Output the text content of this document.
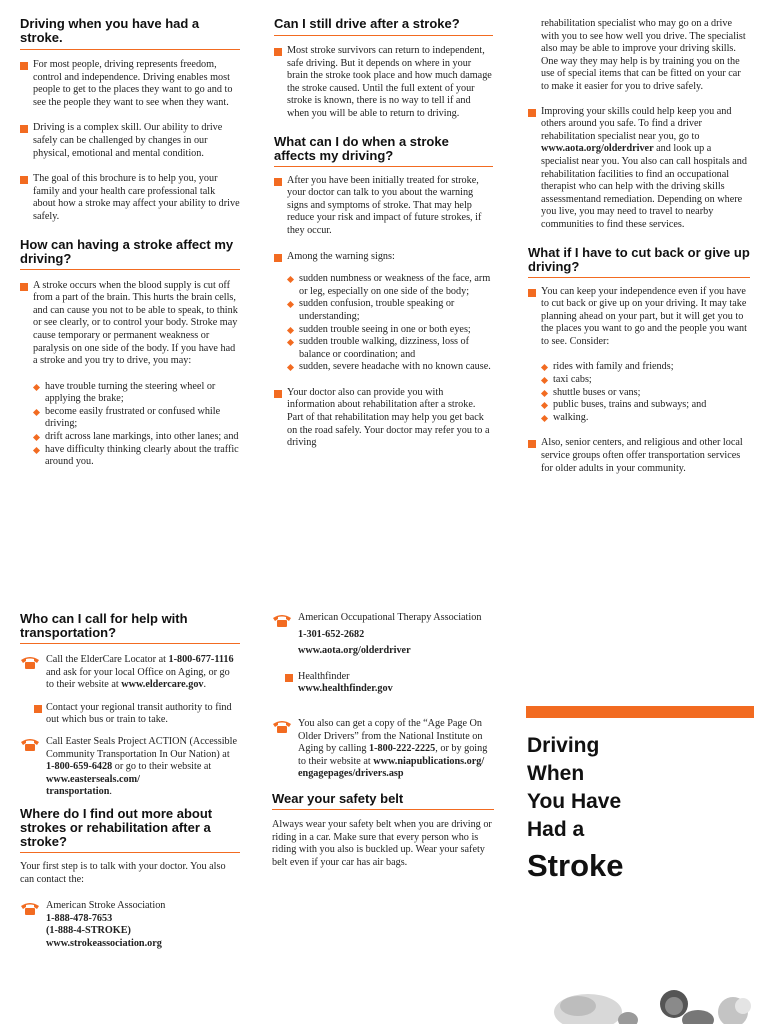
Driving when you have had a stroke.
For most people, driving represents freedom, control and independence. Driving enables most people to get to the places they want to go and to see the people they want to see when they want.
Driving is a complex skill. Our ability to drive safely can be challenged by changes in our physical, emotional and mental condition.
The goal of this brochure is to help you, your family and your health care professional talk about how a stroke may affect your ability to drive safely.
How can having a stroke affect my driving?
A stroke occurs when the blood supply is cut off from a part of the brain. This hurts the brain cells, and can cause you not to be able to speak, to think or see clearly, or to control your body. Stroke may cause temporary or permanent weakness or paralysis on one side of the body. If you have had a stroke and you try to drive, you may:
have trouble turning the steering wheel or applying the brake;
become easily frustrated or confused while driving;
drift across lane markings, into other lanes; and
have difficulty thinking clearly about the traffic around you.
Can I still drive after a stroke?
Most stroke survivors can return to independent, safe driving. But it depends on where in your brain the stroke took place and how much damage the stroke caused. Until the full extent of your stroke is known, there is no way to tell if and when you will be able to return to driving.
What can I do when a stroke affects my driving?
After you have been initially treated for stroke, your doctor can talk to you about the warning signs and symptoms of stroke. That may help reduce your risk and impact of future strokes, if they occur.
Among the warning signs:
sudden numbness or weakness of the face, arm or leg, especially on one side of the body;
sudden confusion, trouble speaking or understanding;
sudden trouble seeing in one or both eyes;
sudden trouble walking, dizziness, loss of balance or coordination; and
sudden, severe headache with no known cause.
Your doctor also can provide you with information about rehabilitation after a stroke. Part of that rehabilitation may help you get back on the road safely. Your doctor may refer you to a driving

rehabilitation specialist who may go on a drive with you to see how well you drive. The specialist also may be able to improve your driving skills. One way they may help is by training you on the use of special items that can be fitted on your car to make it easier for you to drive safely.

Improving your skills could help keep you and others around you safe. To find a driver rehabilitation specialist near you, go to www.aota.org/olderdriver and look up a specialist near you. You also can call hospitals and rehabilitation facilities to find an occupational therapist who can help with the driving skills assessmentand remediation. Depending on where you live, you may need to travel to nearby communities to find these services.
What if I have to cut back or give up driving?
You can keep your independence even if you have to cut back or give up on your driving. It may take planning ahead on your part, but it will get you to the places you want to go and the people you want to see. Consider:
rides with family and friends;
taxi cabs;
shuttle buses or vans;
public buses, trains and subways; and
walking.
Also, senior centers, and religious and other local service groups often offer transportation services for older adults in your community.
Who can I call for help with transportation?
Call the ElderCare Locator at 1-800-677-1116 and ask for your local Office on Aging, or go to their website at www.eldercare.gov.
Contact your regional transit authority to find out which bus or train to take.
Call Easter Seals Project ACTION (Accessible Community Transportation In Our Nation) at 1-800-659-6428 or go to their website at
www.easterseals.com/
transportation.
Where do I find out more about strokes or rehabilitation after a stroke?

Your first step is to talk with your doctor. You also can contact the:

American Stroke Association
1-888-478-7653
(1-888-4-STROKE)
www.strokeassociation.org
American Occupational Therapy Association
1-301-652-2682
www.aota.org/olderdriver
Healthfinder
www.healthfinder.gov
You also can get a copy of the “Age Page On Older Drivers” from the National Institute on Aging by calling 1-800-222-2225, or by going to their website at www.niapublications.org/
engagepages/drivers.asp
Wear your safety belt

Always wear your safety belt when you are driving or riding in a car. Make sure that every person who is riding with you also is buckled up. Wear your safety belt even if your car has air bags.

Driving
When
You Have
Had a
Stroke
